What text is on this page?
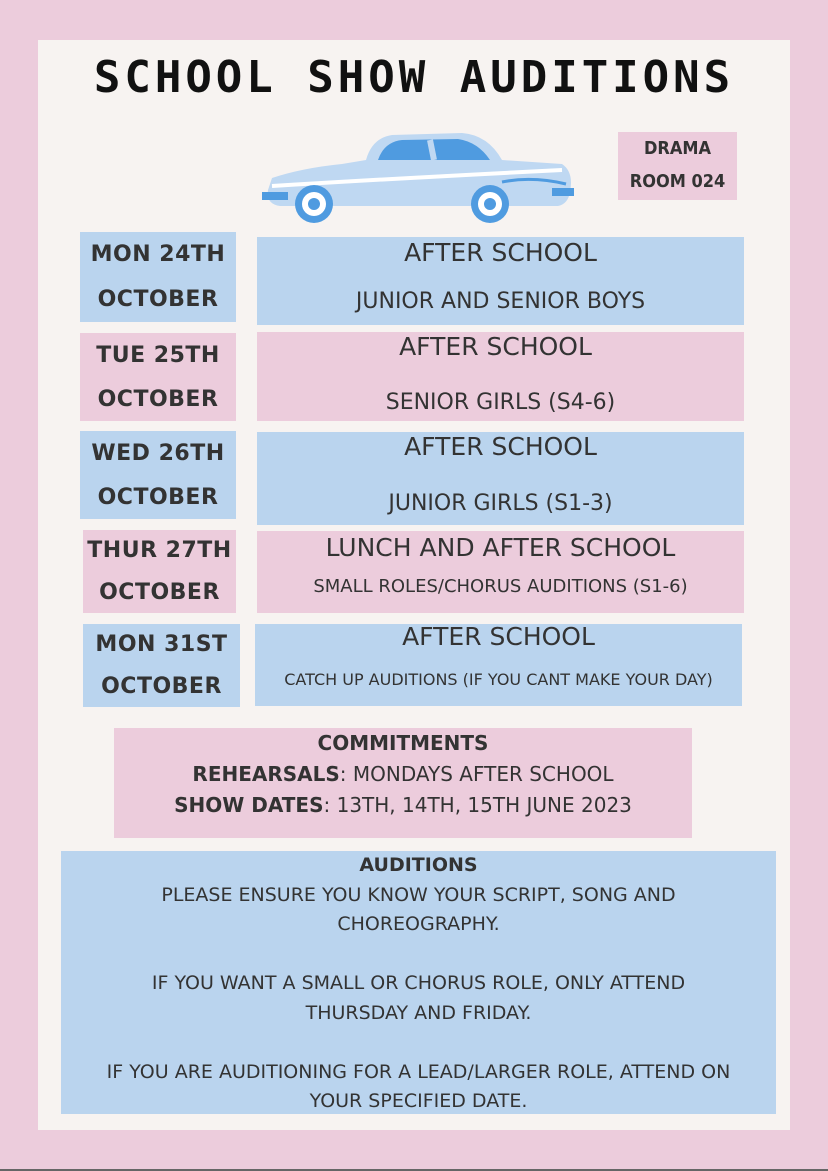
SCHOOL SHOW AUDITIONS
DRAMA
ROOM 024
MON 24TH
OCTOBER
AFTER SCHOOL
JUNIOR AND SENIOR BOYS
TUE 25TH
OCTOBER
AFTER SCHOOL
SENIOR GIRLS (S4-6)
WED 26TH
OCTOBER
AFTER SCHOOL
JUNIOR GIRLS (S1-3)
THUR 27TH
OCTOBER
LUNCH AND AFTER SCHOOL
SMALL ROLES/CHORUS AUDITIONS (S1-6)
MON 31ST
OCTOBER
AFTER SCHOOL
CATCH UP AUDITIONS (IF YOU CANT MAKE YOUR DAY)
COMMITMENTS
REHEARSALS: MONDAYS AFTER SCHOOL
SHOW DATES: 13TH, 14TH, 15TH JUNE 2023

AUDITIONS

PLEASE ENSURE YOU KNOW YOUR SCRIPT, SONG AND

CHOREOGRAPHY.

IF YOU WANT A SMALL OR CHORUS ROLE, ONLY ATTEND

THURSDAY AND FRIDAY.

IF YOU ARE AUDITIONING FOR A LEAD/LARGER ROLE, ATTEND ON

YOUR SPECIFIED DATE.
